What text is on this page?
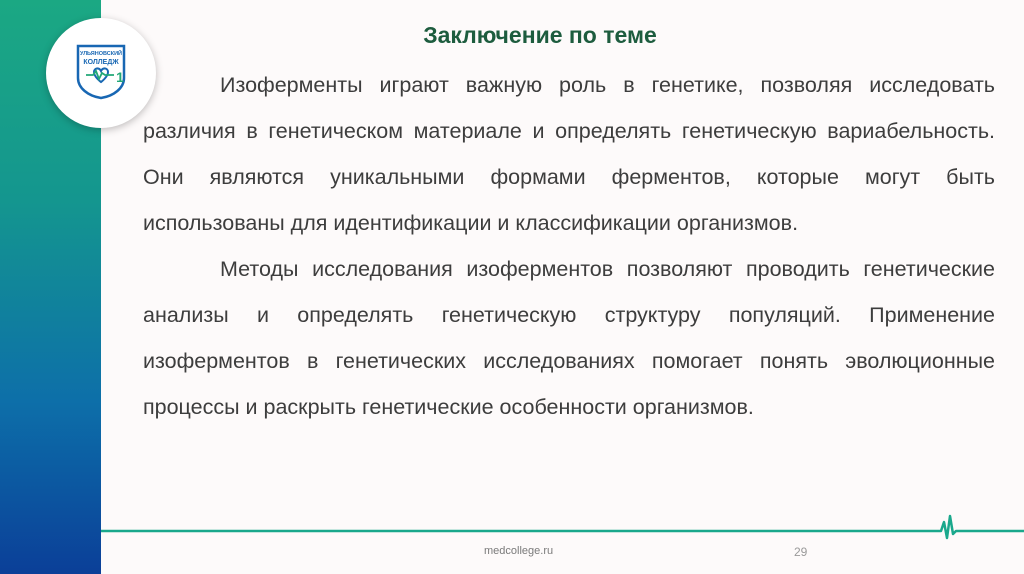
УЛЬЯНОВСКИЙ
КОЛЛЕДЖ
1
Заключение по теме

Изоферменты играют важную роль в генетике, позволяя исследовать различия в генетическом материале и определять генетическую вариабельность. Они являются уникальными формами ферментов, которые могут быть использованы для идентификации и классификации организмов.

Методы исследования изоферментов позволяют проводить генетические анализы и определять генетическую структуру популяций. Применение изоферментов в генетических исследованиях помогает понять эволюционные процессы и раскрыть генетические особенности организмов.

medcollege.ru	29
